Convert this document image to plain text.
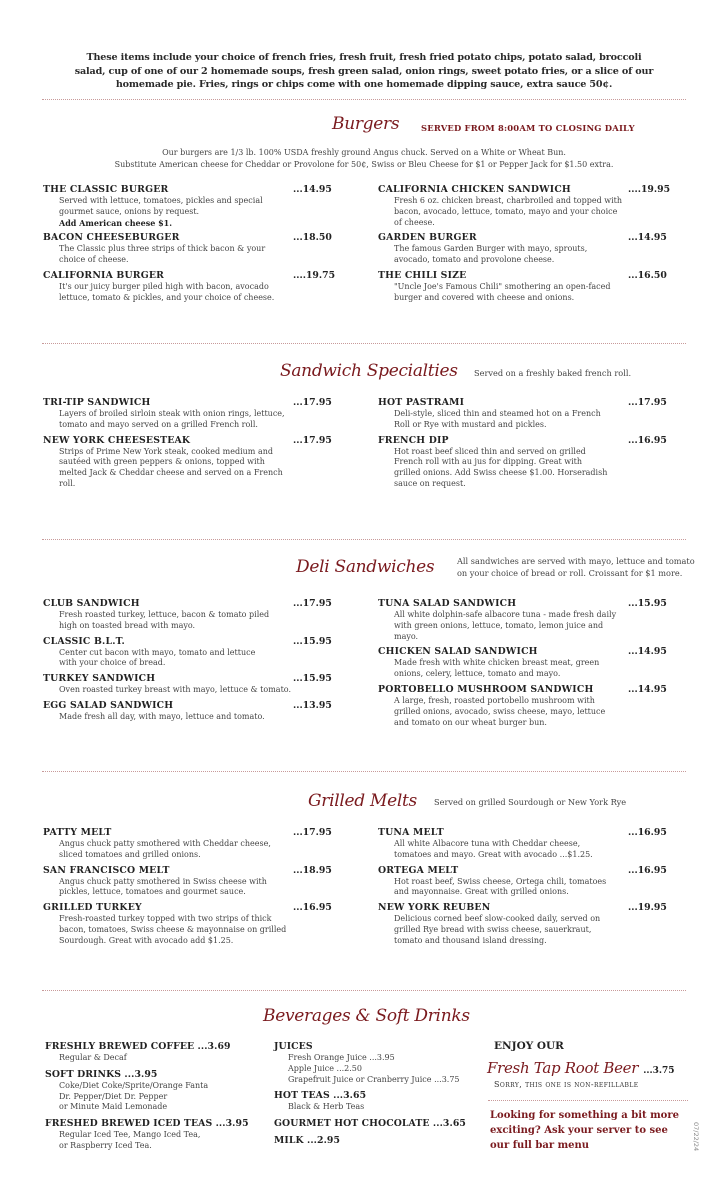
These items include your choice of french fries, fresh fruit, fresh fried potato chips, potato salad, broccoli salad, cup of one of our 2 homemade soups, fresh green salad, onion rings, sweet potato fries, or a slice of our homemade pie. Fries, rings or chips come with one homemade dipping sauce, extra sauce 50¢.
Burgers	SERVED FROM 8:00AM TO CLOSING DAILY
Our burgers are 1/3 lb. 100% USDA freshly ground Angus chuck. Served on a White or Wheat Bun.
Substitute American cheese for Cheddar or Provolone for 50¢, Swiss or Bleu Cheese for $1 or Pepper Jack for $1.50 extra.
THE CLASSIC BURGER	...14.95
Served with lettuce, tomatoes, pickles and special gourmet sauce, onions by request.
Add American cheese $1.
BACON CHEESEBURGER	...18.50
The Classic plus three strips of thick bacon & your choice of cheese.
CALIFORNIA BURGER	....19.75
It's our juicy burger piled high with bacon, avocado lettuce, tomato & pickles, and your choice of cheese.
CALIFORNIA CHICKEN SANDWICH	....19.95
Fresh 6 oz. chicken breast, charbroiled and topped with bacon, avocado, lettuce, tomato, mayo and your choice of cheese.
GARDEN BURGER	...14.95
The famous Garden Burger with mayo, sprouts, avocado, tomato and provolone cheese.
THE CHILI SIZE	...16.50
"Uncle Joe's Famous Chili" smothering an open-faced burger and covered with cheese and onions.
Sandwich Specialties Served on a freshly baked french roll.
TRI-TIP SANDWICH	...17.95
Layers of broiled sirloin steak with onion rings, lettuce, tomato and mayo served on a grilled French roll.
NEW YORK CHEESESTEAK	...17.95
Strips of Prime New York steak, cooked medium and sautéed with green peppers & onions, topped with melted Jack & Cheddar cheese and served on a French roll.
HOT PASTRAMI	...17.95
Deli-style, sliced thin and steamed hot on a French Roll or Rye with mustard and pickles.
FRENCH DIP	...16.95
Hot roast beef sliced thin and served on grilled French roll with au jus for dipping. Great with grilled onions. Add Swiss cheese $1.00. Horseradish sauce on request.
Deli Sandwiches	All sandwiches are served with mayo, lettuce and tomato on your choice of bread or roll. Croissant for $1 more.
CLUB SANDWICH	...17.95
Fresh roasted turkey, lettuce, bacon & tomato piled high on toasted bread with mayo.
CLASSIC B.L.T.	...15.95
Center cut bacon with mayo, tomato and lettuce with your choice of bread.
TURKEY SANDWICH	...15.95
Oven roasted turkey breast with mayo, lettuce & tomato.
EGG SALAD SANDWICH	...13.95
Made fresh all day, with mayo, lettuce and tomato.
TUNA SALAD SANDWICH	...15.95
All white dolphin-safe albacore tuna - made fresh daily with green onions, lettuce, tomato, lemon juice and mayo.
CHICKEN SALAD SANDWICH	...14.95
Made fresh with white chicken breast meat, green onions, celery, lettuce, tomato and mayo.
PORTOBELLO MUSHROOM SANDWICH	...14.95
A large, fresh, roasted portobello mushroom with grilled onions, avocado, swiss cheese, mayo, lettuce and tomato on our wheat burger bun.
Grilled Melts Served on grilled Sourdough or New York Rye
PATTY MELT	...17.95
Angus chuck patty smothered with Cheddar cheese, sliced tomatoes and grilled onions.
SAN FRANCISCO MELT	...18.95
Angus chuck patty smothered in Swiss cheese with pickles, lettuce, tomatoes and gourmet sauce.
GRILLED TURKEY	...16.95
Fresh-roasted turkey topped with two strips of thick bacon, tomatoes, Swiss cheese & mayonnaise on grilled Sourdough. Great with avocado add $1.25.
TUNA MELT	...16.95
All white Albacore tuna with Cheddar cheese, tomatoes and mayo. Great with avocado ...$1.25.
ORTEGA MELT	...16.95
Hot roast beef, Swiss cheese, Ortega chili, tomatoes and mayonnaise. Great with grilled onions.
NEW YORK REUBEN	...19.95
Delicious corned beef slow-cooked daily, served on grilled Rye bread with swiss cheese, sauerkraut, tomato and thousand island dressing.
Beverages & Soft Drinks
FRESHLY BREWED COFFEE ...3.69
Regular & Decaf
SOFT DRINKS ...3.95
Coke/Diet Coke/Sprite/Orange Fanta
Dr. Pepper/Diet Dr. Pepper
or Minute Maid Lemonade
FRESHED BREWED ICED TEAS ...3.95
Regular Iced Tee, Mango Iced Tea,
or Raspberry Iced Tea.
JUICES
Fresh Orange Juice ...3.95
Apple Juice ...2.50
Grapefruit Juice or Cranberry Juice ...3.75
HOT TEAS ...3.65
Black & Herb Teas
GOURMET HOT CHOCOLATE ...3.65
MILK ...2.95
ENJOY OUR
Fresh Tap Root Beer ...3.75
Sorry, this one is non-refillable
Looking for something a bit more exciting? Ask your server to see our full bar menu	07/22/24
